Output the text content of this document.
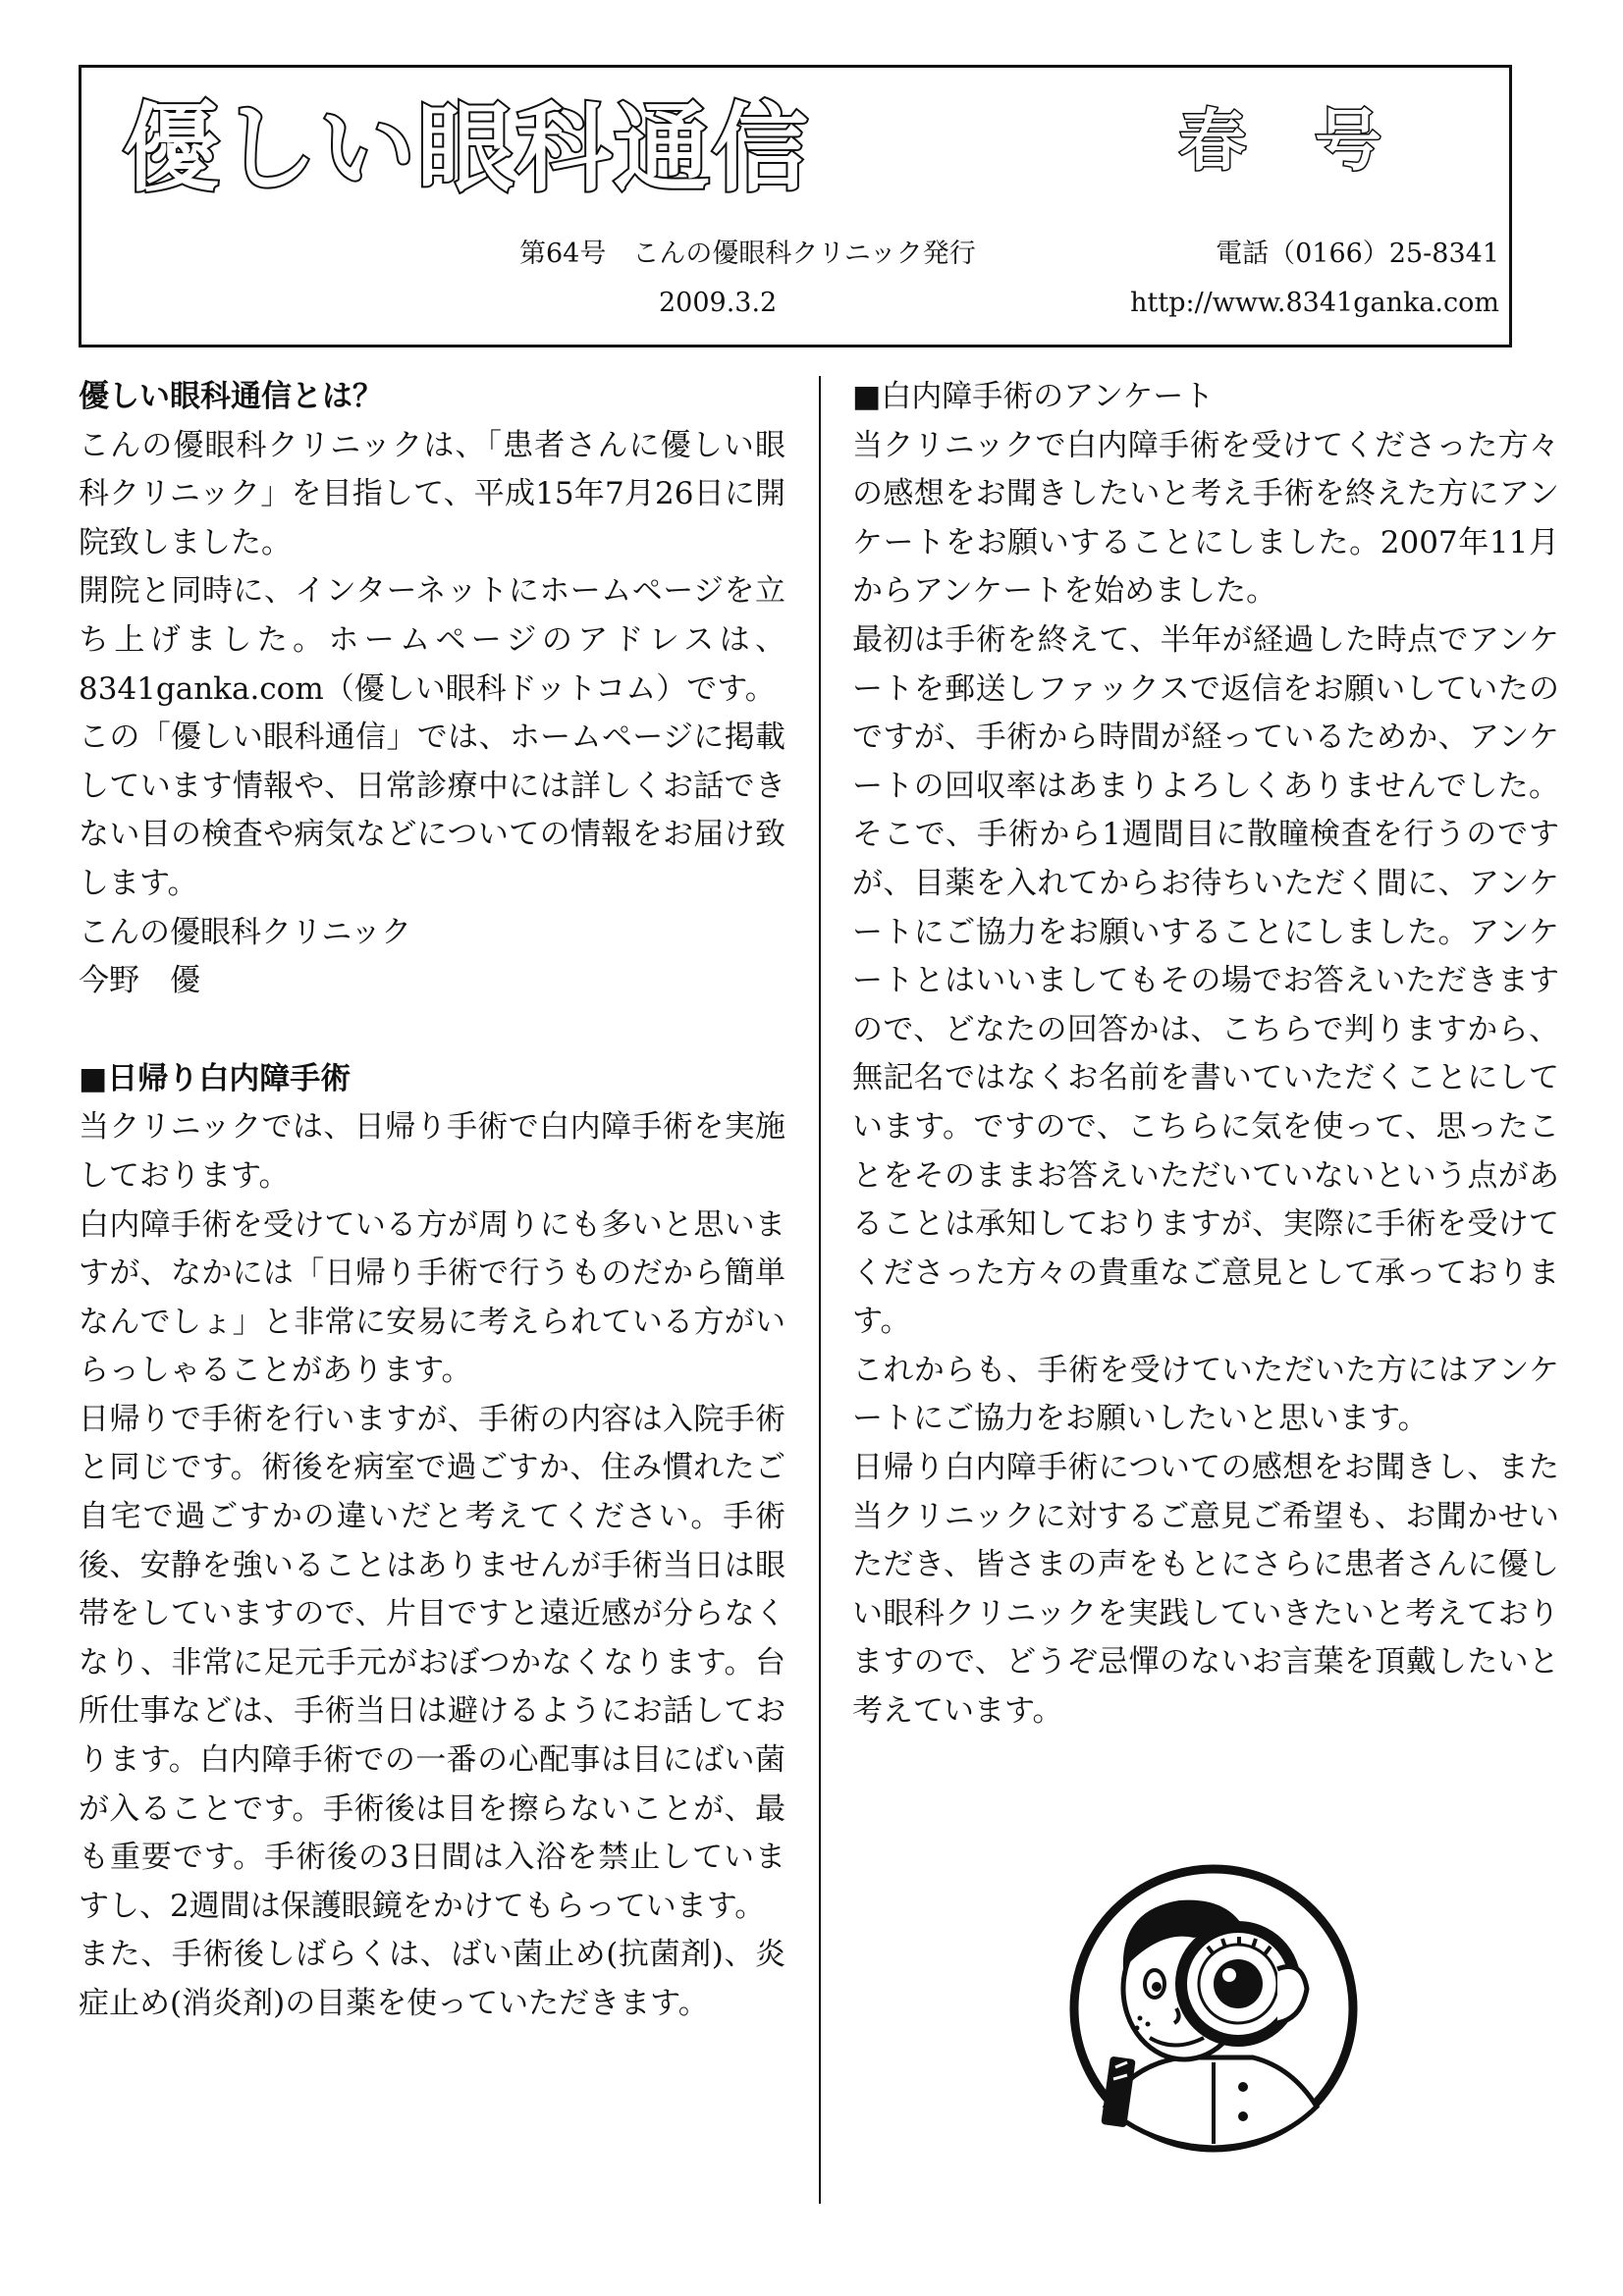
優しい眼科通信	春号
第64号　こんの優眼科クリニック発行
2009.3.2
電話（0166）25-8341
http://www.8341ganka.com
優しい眼科通信とは？

こんの優眼科クリニックは、「患者さんに優しい眼科クリニック」を目指して、平成15年7月26日に開院致しました。

開院と同時に、インターネットにホームページを立ち上げました。ホームページのアドレスは、8341ganka.com（優しい眼科ドットコム）です。

この「優しい眼科通信」では、ホームページに掲載しています情報や、日常診療中には詳しくお話できない目の検査や病気などについての情報をお届け致します。

こんの優眼科クリニック

今野　優

■日帰り白内障手術

当クリニックでは、日帰り手術で白内障手術を実施しております。

白内障手術を受けている方が周りにも多いと思いますが、なかには「日帰り手術で行うものだから簡単なんでしょ」と非常に安易に考えられている方がいらっしゃることがあります。

日帰りで手術を行いますが、手術の内容は入院手術と同じです。術後を病室で過ごすか、住み慣れたご自宅で過ごすかの違いだと考えてください。手術後、安静を強いることはありませんが手術当日は眼帯をしていますので、片目ですと遠近感が分らなくなり、非常に足元手元がおぼつかなくなります。台所仕事などは、手術当日は避けるようにお話しております。白内障手術での一番の心配事は目にばい菌が入ることです。手術後は目を擦らないことが、最も重要です。手術後の3日間は入浴を禁止していますし、2週間は保護眼鏡をかけてもらっています。

また、手術後しばらくは、ばい菌止め(抗菌剤)、炎症止め(消炎剤)の目薬を使っていただきます。

■白内障手術のアンケート

当クリニックで白内障手術を受けてくださった方々の感想をお聞きしたいと考え手術を終えた方にアンケートをお願いすることにしました。2007年11月からアンケートを始めました。

最初は手術を終えて、半年が経過した時点でアンケートを郵送しファックスで返信をお願いしていたのですが、手術から時間が経っているためか、アンケートの回収率はあまりよろしくありませんでした。そこで、手術から1週間目に散瞳検査を行うのですが、目薬を入れてからお待ちいただく間に、アンケートにご協力をお願いすることにしました。アンケートとはいいましてもその場でお答えいただきますので、どなたの回答かは、こちらで判りますから、無記名ではなくお名前を書いていただくことにしています。ですので、こちらに気を使って、思ったことをそのままお答えいただいていないという点があることは承知しておりますが、実際に手術を受けてくださった方々の貴重なご意見として承っております。

これからも、手術を受けていただいた方にはアンケートにご協力をお願いしたいと思います。

日帰り白内障手術についての感想をお聞きし、また当クリニックに対するご意見ご希望も、お聞かせいただき、皆さまの声をもとにさらに患者さんに優しい眼科クリニックを実践していきたいと考えておりますので、どうぞ忌憚のないお言葉を頂戴したいと考えています。
